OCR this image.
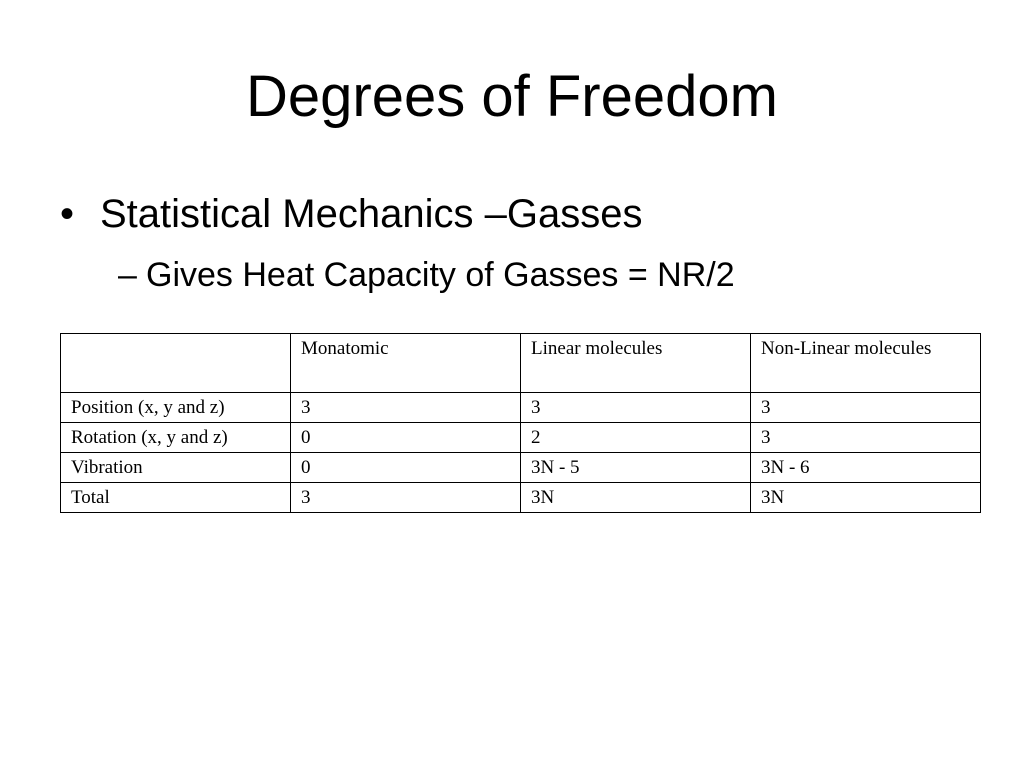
Degrees of Freedom
• Statistical Mechanics –Gasses
– Gives Heat Capacity of Gasses = NR/2
	Monatomic	Linear molecules	Non-Linear molecules
Position (x, y and z)	3	3	3
Rotation (x, y and z)	0	2	3
Vibration	0	3N - 5	3N - 6
Total	3	3N	3N
